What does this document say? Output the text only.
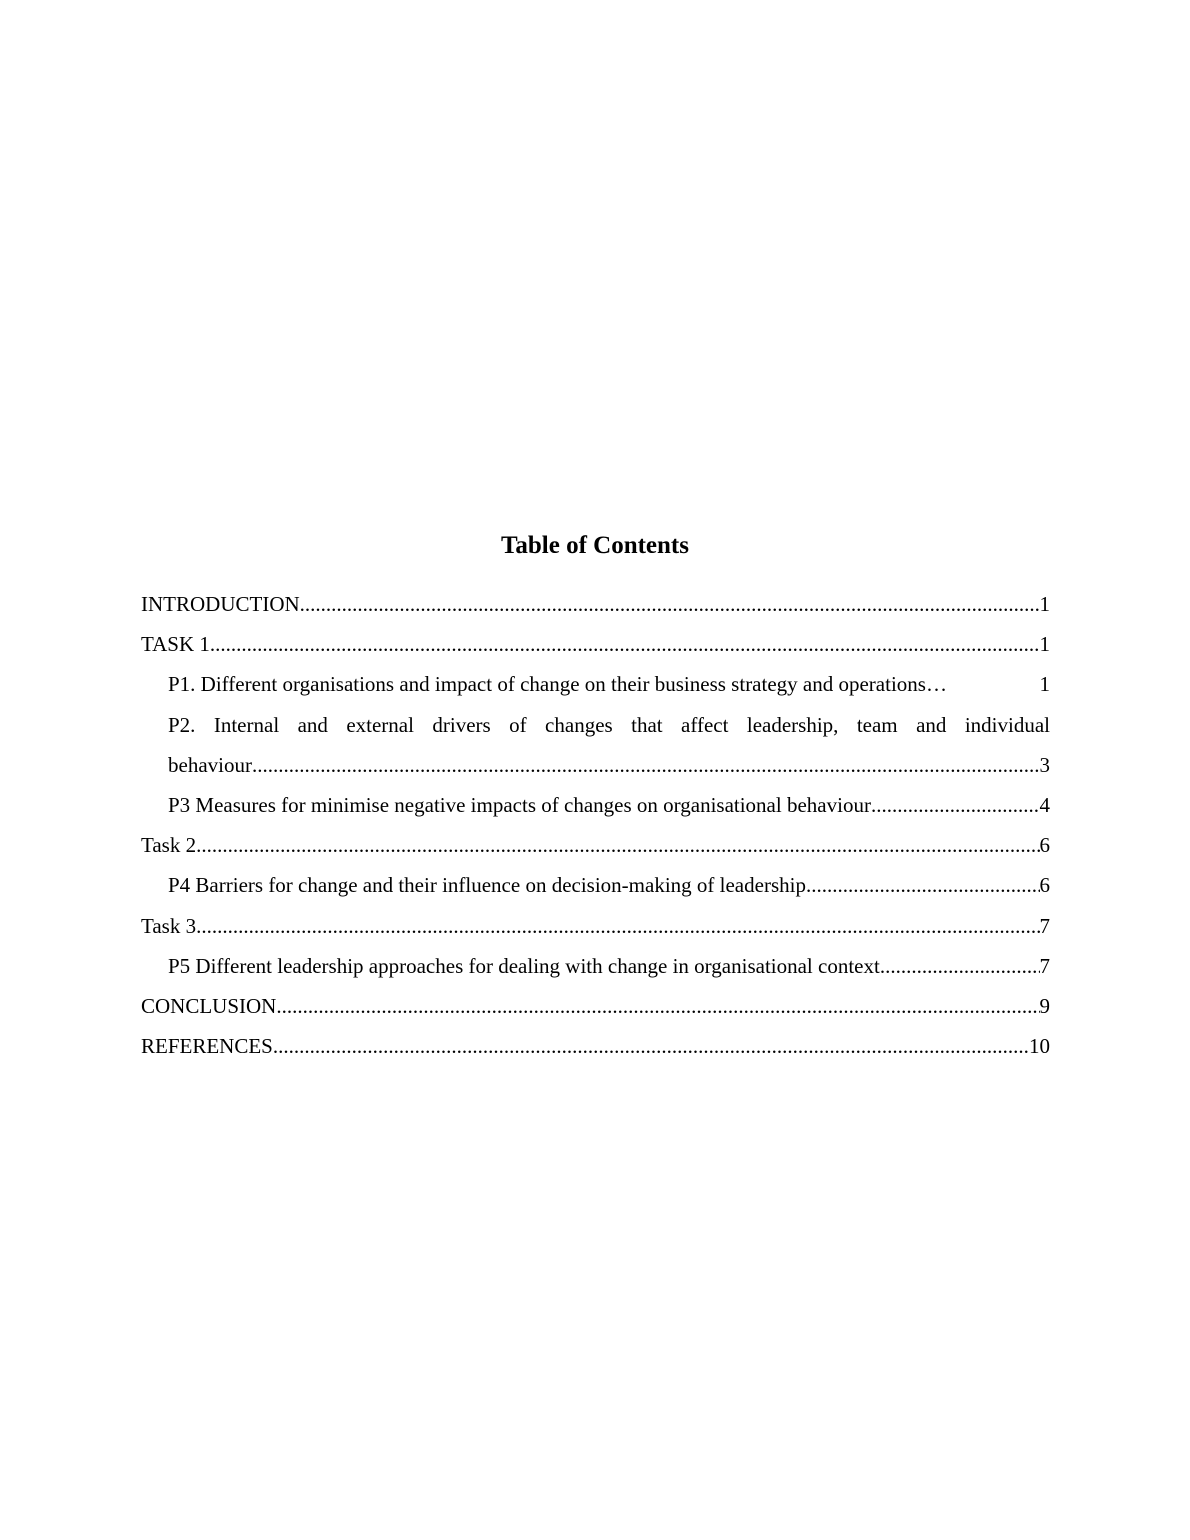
Table of Contents
INTRODUCTION .....	1
TASK 1 .....	1
P1. Different organisations and impact of change on their business strategy and operations …	1
P2. Internal and external drivers of changes that affect leadership, team and individual
behaviour .....	3
P3 Measures for minimise negative impacts of changes on organisational behaviour .....	4
Task 2 .....	6
P4 Barriers for change and their influence on decision-making of leadership .....	6
Task 3 .....	7
P5 Different leadership approaches for dealing with change in organisational context .....	7
CONCLUSION .....	9
REFERENCES .....	10
